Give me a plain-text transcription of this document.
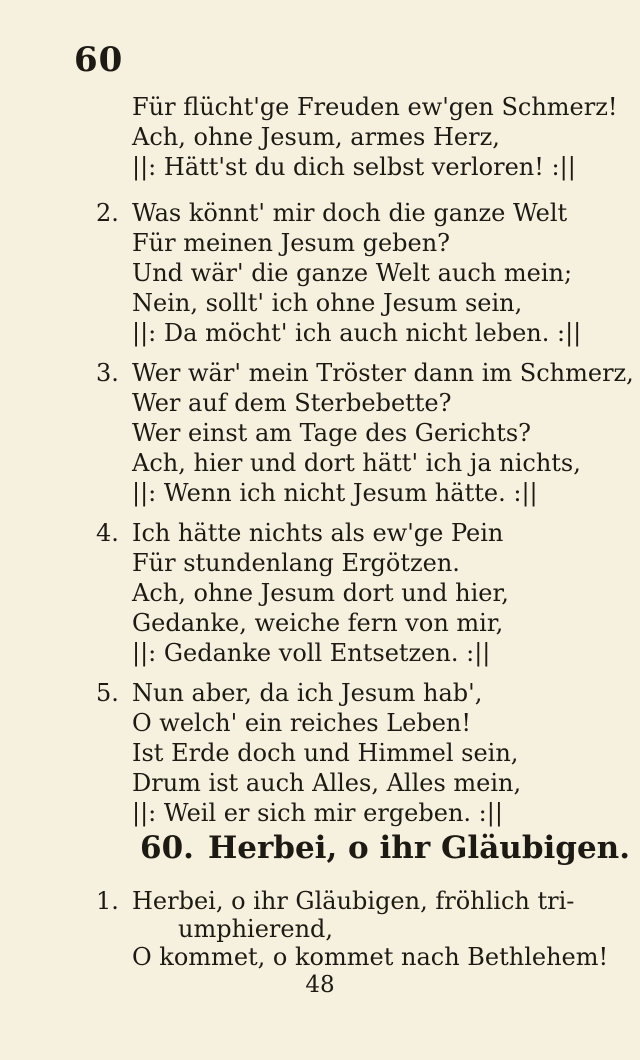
60
Für flücht'ge Freuden ew'gen Schmerz!
Ach, ohne Jesum, armes Herz,
||: Hätt'st du dich selbst verloren! :||
2. Was könnt' mir doch die ganze Welt
Für meinen Jesum geben?
Und wär' die ganze Welt auch mein;
Nein, sollt' ich ohne Jesum sein,
||: Da möcht' ich auch nicht leben. :||
3. Wer wär' mein Tröster dann im Schmerz,
Wer auf dem Sterbebette?
Wer einst am Tage des Gerichts?
Ach, hier und dort hätt' ich ja nichts,
||: Wenn ich nicht Jesum hätte. :||
4. Ich hätte nichts als ew'ge Pein
Für stundenlang Ergötzen.
Ach, ohne Jesum dort und hier,
Gedanke, weiche fern von mir,
||: Gedanke voll Entsetzen. :||
5. Nun aber, da ich Jesum hab',
O welch' ein reiches Leben!
Ist Erde doch und Himmel sein,
Drum ist auch Alles, Alles mein,
||: Weil er sich mir ergeben. :||
60. Herbei, o ihr Gläubigen.
1. Herbei, o ihr Gläubigen, fröhlich tri-
umphierend,
O kommet, o kommet nach Bethlehem!
48
